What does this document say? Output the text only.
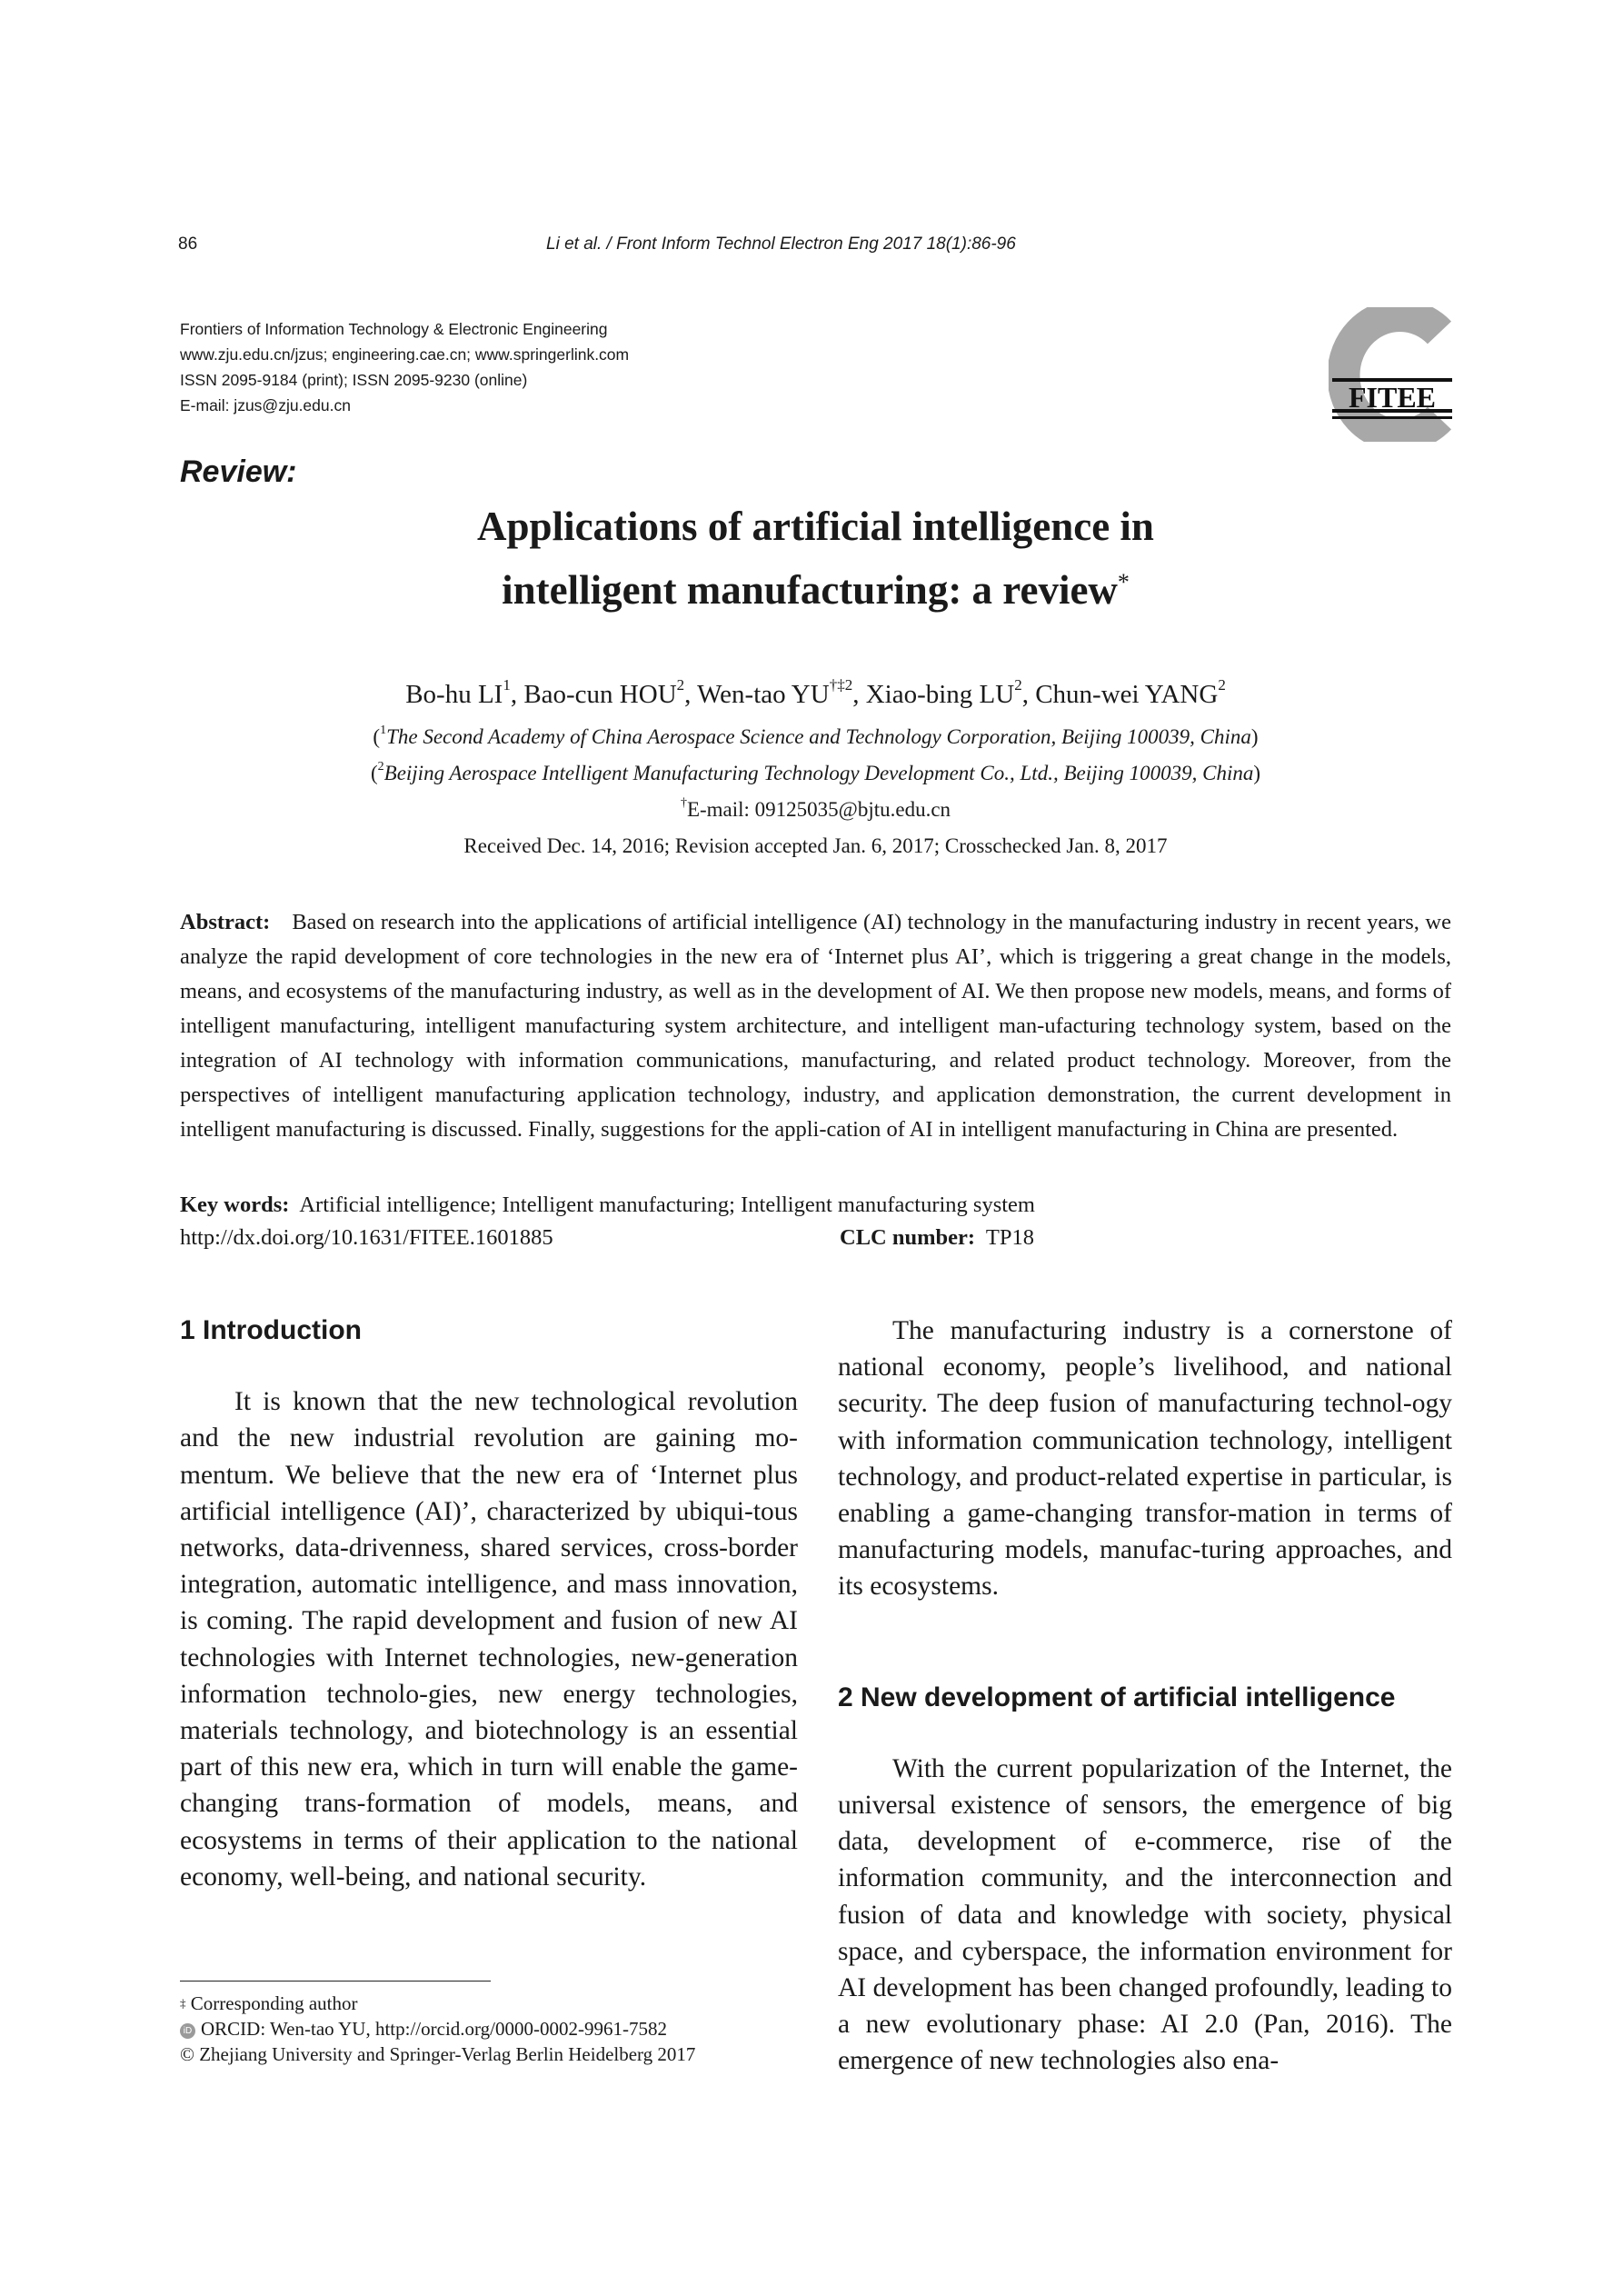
86	Li et al. / Front Inform Technol Electron Eng 2017 18(1):86-96
Frontiers of Information Technology & Electronic Engineering
www.zju.edu.cn/jzus; engineering.cae.cn; www.springerlink.com
ISSN 2095-9184 (print); ISSN 2095-9230 (online)
E-mail: jzus@zju.edu.cn	FITEE
Review:
Applications of artificial intelligence in
intelligent manufacturing: a review*
Bo-hu $LI^1$, Bao-cun HOU$^2$, Wen-tao YU$^{\dagger\ddagger 2}$, Xiao-bing $LU^2$, Chun-wei YANG$^2$
($^1$The Second Academy of China Aerospace Science and Technology Corporation, Beijing 100039, China)
($^2$Beijing Aerospace Intelligent Manufacturing Technology Development Co., Ltd., Beijing 100039, China)
†E-mail: 09125035@bjtu.edu.cn
Received Dec. 14, 2016; Revision accepted Jan. 6, 2017; Crosschecked Jan. 8, 2017
Abstract: Based on research into the applications of artificial intelligence (AI) technology in the manufacturing industry in recent years, we analyze the rapid development of core technologies in the new era of ‘Internet plus AI’, which is triggering a great change in the models, means, and ecosystems of the manufacturing industry, as well as in the development of AI. We then propose new models, means, and forms of intelligent manufacturing, intelligent manufacturing system architecture, and intelligent man-ufacturing technology system, based on the integration of AI technology with information communications, manufacturing, and related product technology. Moreover, from the perspectives of intelligent manufacturing application technology, industry, and application demonstration, the current development in intelligent manufacturing is discussed. Finally, suggestions for the appli-cation of AI in intelligent manufacturing in China are presented.
Key words: Artificial intelligence; Intelligent manufacturing; Intelligent manufacturing system
http://dx.doi.org/10.1631/FITEE.1601885	CLC number: TP18
1 Introduction

It is known that the new technological revolution and the new industrial revolution are gaining mo-mentum. We believe that the new era of ‘Internet plus artificial intelligence (AI)’, characterized by ubiqui-tous networks, data-drivenness, shared services, cross-border integration, automatic intelligence, and mass innovation, is coming. The rapid development and fusion of new AI technologies with Internet technologies, new-generation information technolo-gies, new energy technologies, materials technology, and biotechnology is an essential part of this new era, which in turn will enable the game-changing trans-formation of models, means, and ecosystems in terms of their application to the national economy, well-being, and national security.

The manufacturing industry is a cornerstone of national economy, people’s livelihood, and national security. The deep fusion of manufacturing technol-ogy with information communication technology, intelligent technology, and product-related expertise in particular, is enabling a game-changing transfor-mation in terms of manufacturing models, manufac-turing approaches, and its ecosystems.

2 New development of artificial intelligence

With the current popularization of the Internet, the universal existence of sensors, the emergence of big data, development of e-commerce, rise of the information community, and the interconnection and fusion of data and knowledge with society, physical space, and cyberspace, the information environment for AI development has been changed profoundly, leading to a new evolutionary phase: AI 2.0 (Pan, 2016). The emergence of new technologies also ena-

‡ Corresponding author
iD ORCID: Wen-tao YU, http://orcid.org/0000-0002-9961-7582
© Zhejiang University and Springer-Verlag Berlin Heidelberg 2017
